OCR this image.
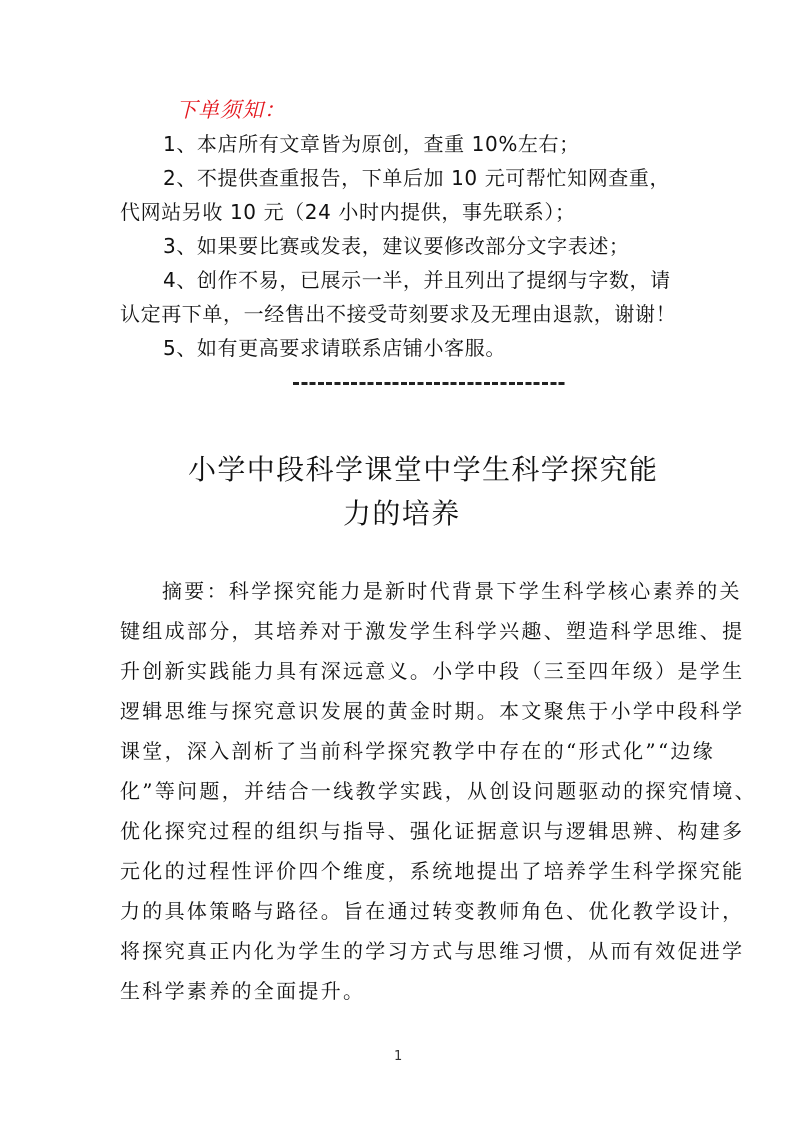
下单须知：
1、本店所有文章皆为原创，查重 10%左右；
2、不提供查重报告，下单后加 10 元可帮忙知网查重，
代网站另收 10 元（24 小时内提供，事先联系）；
3、如果要比赛或发表，建议要修改部分文字表述；
4、创作不易，已展示一半，并且列出了提纲与字数，请
认定再下单，一经售出不接受苛刻要求及无理由退款，谢谢！
5、如有更高要求请联系店铺小客服。
小学中段科学课堂中学生科学探究能
力的培养
摘要：科学探究能力是新时代背景下学生科学核心素养的关
键组成部分，其培养对于激发学生科学兴趣、塑造科学思维、提
升创新实践能力具有深远意义。小学中段（三至四年级）是学生
逻辑思维与探究意识发展的黄金时期。本文聚焦于小学中段科学
课堂，深入剖析了当前科学探究教学中存在的“形式化”“边缘
化”等问题，并结合一线教学实践，从创设问题驱动的探究情境、
优化探究过程的组织与指导、强化证据意识与逻辑思辨、构建多
元化的过程性评价四个维度，系统地提出了培养学生科学探究能
力的具体策略与路径。旨在通过转变教师角色、优化教学设计，
将探究真正内化为学生的学习方式与思维习惯，从而有效促进学
生科学素养的全面提升。
1
